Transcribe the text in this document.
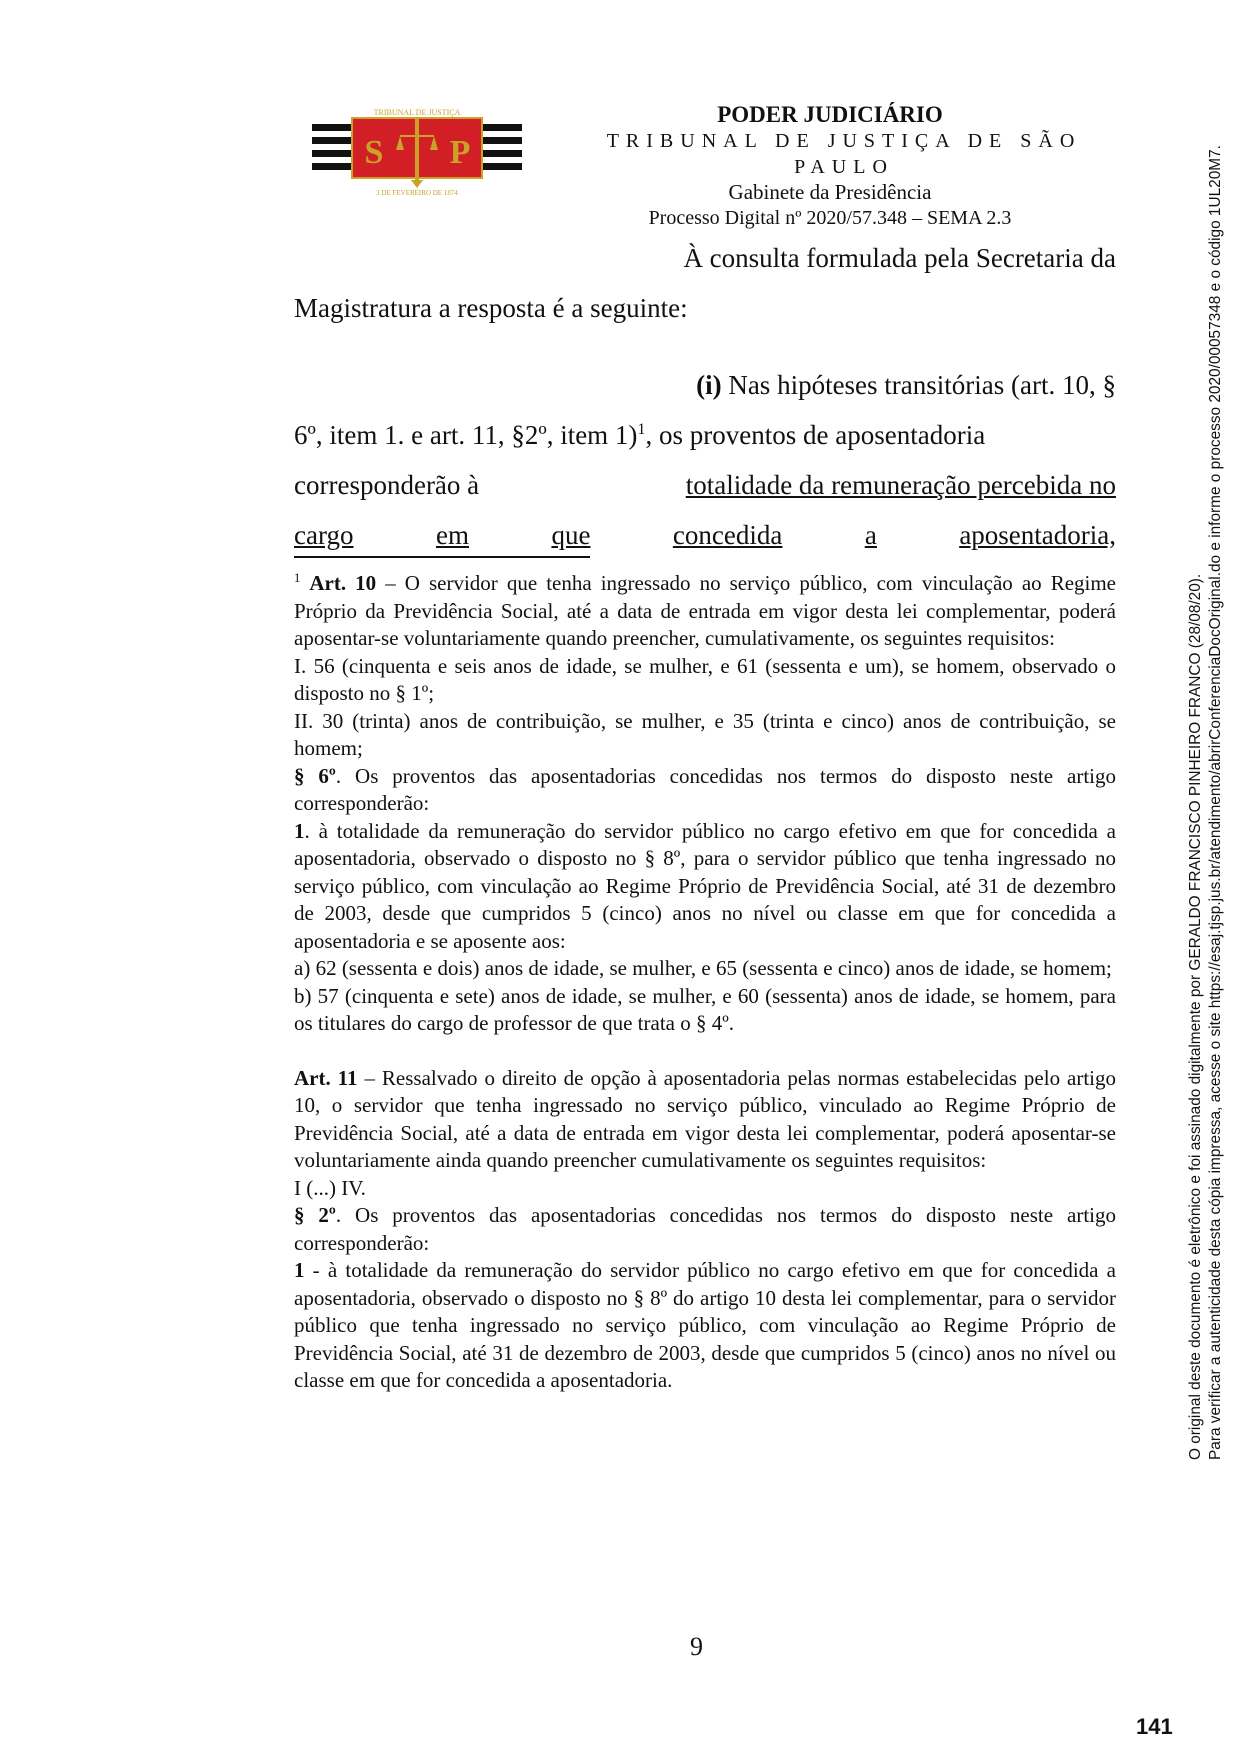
TRIBUNAL DE JUSTIÇA
S P
3 DE FEVEREIRO DE 1874
PODER JUDICIÁRIO
TRIBUNAL DE JUSTIÇA DE SÃO PAULO
Gabinete da Presidência
Processo Digital nº 2020/57.348 – SEMA 2.3
À consulta formulada pela Secretaria da
Magistratura a resposta é a seguinte:
(i) Nas hipóteses transitórias (art. 10, §
6º, item 1. e art. 11, §2º, item 1)$^1$, os proventos de aposentadoria
corresponderão à	totalidade da remuneração percebida no
cargo	em	que	concedida	a	aposentadoria,

$^1$ Art. 10 – O servidor que tenha ingressado no serviço público, com vinculação ao Regime Próprio da Previdência Social, até a data de entrada em vigor desta lei complementar, poderá aposentar-se voluntariamente quando preencher, cumulativamente, os seguintes requisitos:

I. 56 (cinquenta e seis anos de idade, se mulher, e 61 (sessenta e um), se homem, observado o disposto no § 1º;

II. 30 (trinta) anos de contribuição, se mulher, e 35 (trinta e cinco) anos de contribuição, se homem;

§ 6º. Os proventos das aposentadorias concedidas nos termos do disposto neste artigo corresponderão:

1. à totalidade da remuneração do servidor público no cargo efetivo em que for concedida a aposentadoria, observado o disposto no § 8º, para o servidor público que tenha ingressado no serviço público, com vinculação ao Regime Próprio de Previdência Social, até 31 de dezembro de 2003, desde que cumpridos 5 (cinco) anos no nível ou classe em que for concedida a aposentadoria e se aposente aos:

a) 62 (sessenta e dois) anos de idade, se mulher, e 65 (sessenta e cinco) anos de idade, se homem;

b) 57 (cinquenta e sete) anos de idade, se mulher, e 60 (sessenta) anos de idade, se homem, para os titulares do cargo de professor de que trata o § 4º.

Art. 11 – Ressalvado o direito de opção à aposentadoria pelas normas estabelecidas pelo artigo 10, o servidor que tenha ingressado no serviço público, vinculado ao Regime Próprio de Previdência Social, até a data de entrada em vigor desta lei complementar, poderá aposentar-se voluntariamente ainda quando preencher cumulativamente os seguintes requisitos:

I (...) IV.

§ 2º. Os proventos das aposentadorias concedidas nos termos do disposto neste artigo corresponderão:

1 - à totalidade da remuneração do servidor público no cargo efetivo em que for concedida a aposentadoria, observado o disposto no § 8º do artigo 10 desta lei complementar, para o servidor público que tenha ingressado no serviço público, com vinculação ao Regime Próprio de Previdência Social, até 31 de dezembro de 2003, desde que cumpridos 5 (cinco) anos no nível ou classe em que for concedida a aposentadoria.

9
O original deste documento é eletrônico e foi assinado digitalmente por GERALDO FRANCISCO PINHEIRO FRANCO (28/08/20). Para verificar a autenticidade desta cópia impressa, acesse o site https://esaj.tjsp.jus.br/atendimento/abrirConferenciaDocOriginal.do e informe o processo 2020/00057348 e o código 1UL20M7.
141
